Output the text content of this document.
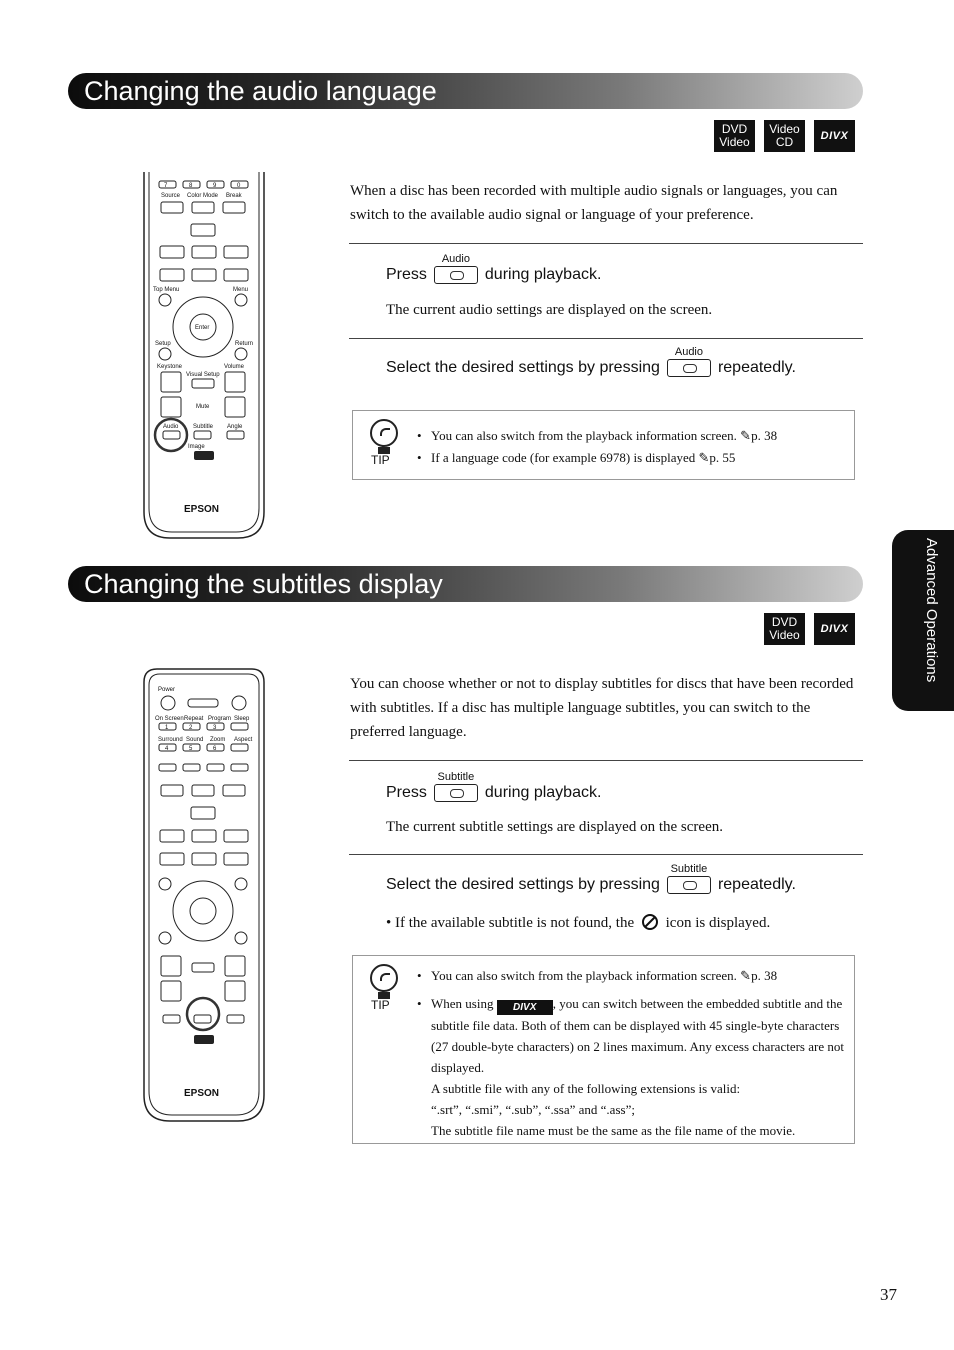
Changing the audio language
DVD
Video
Video
CD DIVX
7	8	9	0
Source Color Mode Break
Top Menu	Menu
Enter
Setup	Return
Keystone	Volume
Visual Setup
Mute
Audio Subtitle Angle
Image
EPSON
When a disc has been recorded with multiple audio signals or languages, you can switch to the available audio signal or language of your preference.
Press
Audio
during playback.
The current audio settings are displayed on the screen.
Select the desired settings by pressing
Audio
repeatedly.
TIP
• You can also switch from the playback information screen. ✎p. 38
• If a language code (for example 6978) is displayed ✎p. 55
Changing the subtitles display
DVD
Video DIVX
Power
On Screen Repeat Program Sleep
1	2	3
Surround Sound Zoom Aspect
4	5	6
EPSON
You can choose whether or not to display subtitles for discs that have been recorded with subtitles. If a disc has multiple language subtitles, you can switch to the preferred language.
Press
Subtitle
during playback.
The current subtitle settings are displayed on the screen.
Select the desired settings by pressing
Subtitle
repeatedly.
• If the available subtitle is not found, the icon is displayed.
TIP
• You can also switch from the playback information screen. ✎p. 38
• When using DIVX , you can switch between the embedded subtitle and the subtitle file data. Both of them can be displayed with 45 single-byte characters (27 double-byte characters) on 2 lines maximum. Any excess characters are not displayed.
A subtitle file with any of the following extensions is valid:
“.srt”, “.smi”, “.sub”, “.ssa” and “.ass”;
The subtitle file name must be the same as the file name of the movie.
Advanced Operations
37
